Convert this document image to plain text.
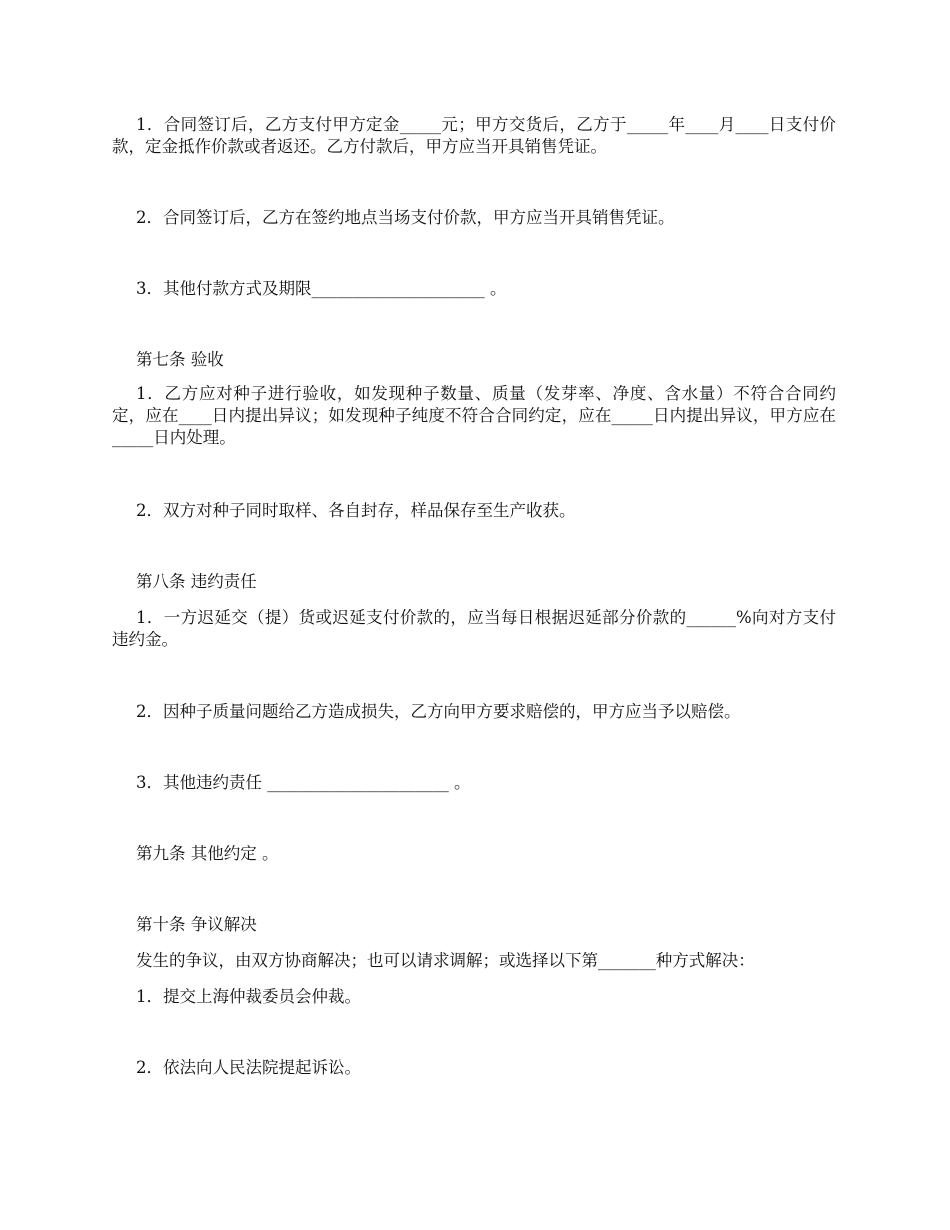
1．合同签订后，乙方支付甲方定金_____元；甲方交货后，乙方于_____年____月____日支付价款，定金抵作价款或者返还。乙方付款后，甲方应当开具销售凭证。

2．合同签订后，乙方在签约地点当场支付价款，甲方应当开具销售凭证。

3．其他付款方式及期限_____________________ 。

第七条 验收

1．乙方应对种子进行验收，如发现种子数量、质量（发芽率、净度、含水量）不符合合同约定，应在____日内提出异议；如发现种子纯度不符合合同约定，应在_____日内提出异议，甲方应在_____日内处理。

2．双方对种子同时取样、各自封存，样品保存至生产收获。

第八条 违约责任

1．一方迟延交（提）货或迟延支付价款的，应当每日根据迟延部分价款的______%向对方支付违约金。

2．因种子质量问题给乙方造成损失，乙方向甲方要求赔偿的，甲方应当予以赔偿。

3．其他违约责任 ______________________ 。

第九条 其他约定 。

第十条 争议解决

发生的争议，由双方协商解决；也可以请求调解；或选择以下第_______种方式解决：

1．提交上海仲裁委员会仲裁。

2．依法向人民法院提起诉讼。
